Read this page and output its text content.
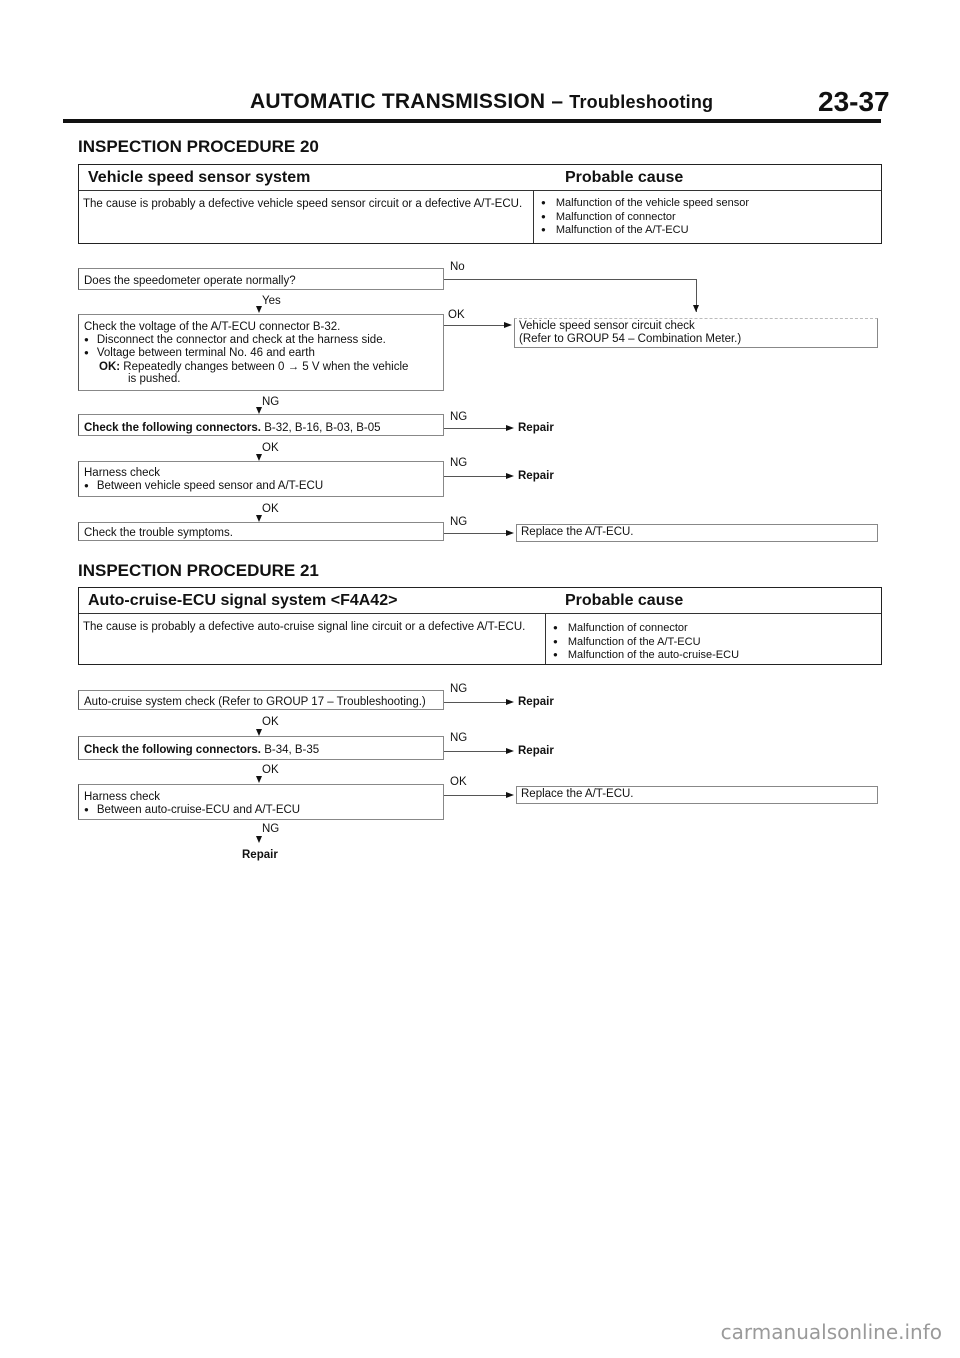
AUTOMATIC TRANSMISSION – Troubleshooting	23-37
INSPECTION PROCEDURE 20
Vehicle speed sensor system	Probable cause
The cause is probably a defective vehicle speed sensor circuit or a defective A/T-ECU.	● Malfunction of the vehicle speed sensor
● Malfunction of connector
● Malfunction of the A/T-ECU
Does the speedometer operate normally?
No
Yes
Check the voltage of the A/T-ECU connector B-32.
● Disconnect the connector and check at the harness side.
● Voltage between terminal No. 46 and earth
OK: Repeatedly changes between 0 → 5 V when the vehicle
is pushed.
OK
Vehicle speed sensor circuit check
(Refer to GROUP 54 – Combination Meter.)
NG
Check the following connectors. B-32, B-16, B-03, B-05
NG
Repair
OK
Harness check
● Between vehicle speed sensor and A/T-ECU
NG
Repair
OK
Check the trouble symptoms.
NG
Replace the A/T-ECU.
INSPECTION PROCEDURE 21
Auto-cruise-ECU signal system <F4A42>	Probable cause
The cause is probably a defective auto-cruise signal line circuit or a defective A/T-ECU.	● Malfunction of connector
● Malfunction of the A/T-ECU
● Malfunction of the auto-cruise-ECU
Auto-cruise system check (Refer to GROUP 17 – Troubleshooting.)
NG
Repair
OK
Check the following connectors. B-34, B-35
NG
Repair
OK
Harness check
● Between auto-cruise-ECU and A/T-ECU
OK
Replace the A/T-ECU.
NG
Repair
carmanualsonline.info
